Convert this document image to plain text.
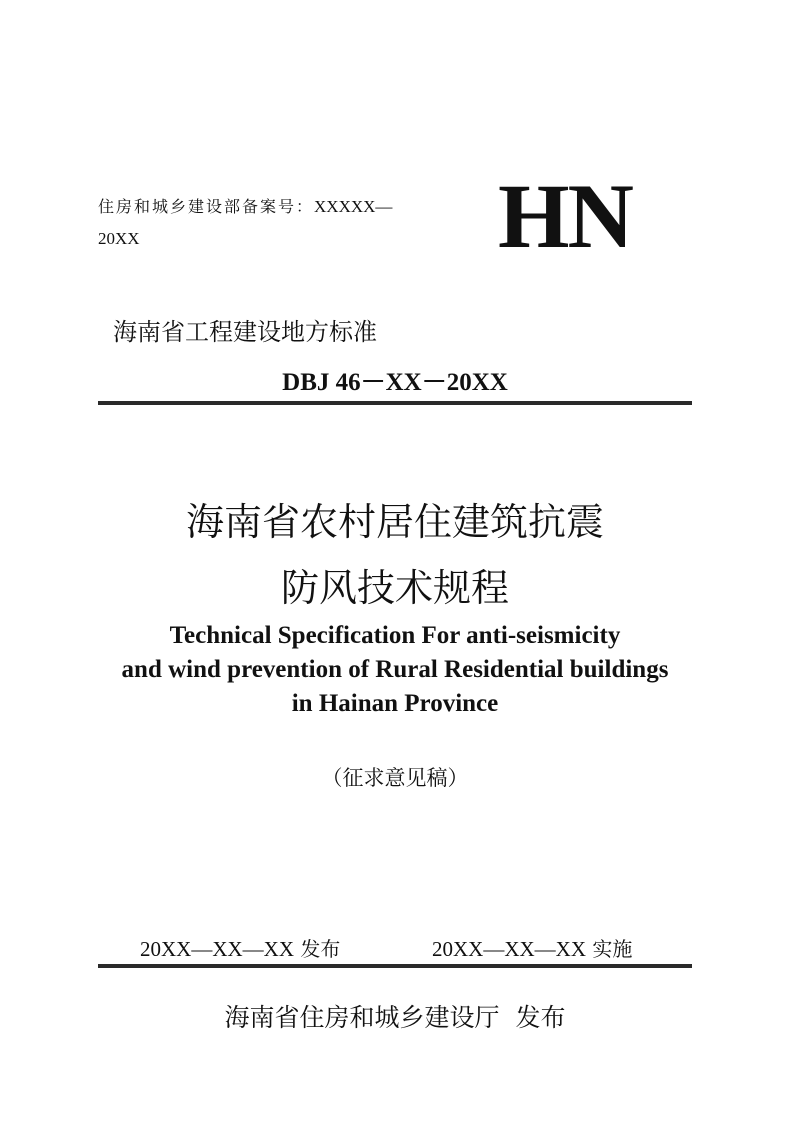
住房和城乡建设部备案号：XXXXX—
20XX	HN
海南省工程建设地方标准
DBJ 46－XX－20XX
海南省农村居住建筑抗震
防风技术规程
Technical Specification For anti-seismicity
and wind prevention of Rural Residential buildings
in Hainan Province
（征求意见稿）
20XX—XX—XX 发布	20XX—XX—XX 实施
海南省住房和城乡建设厅  发布
